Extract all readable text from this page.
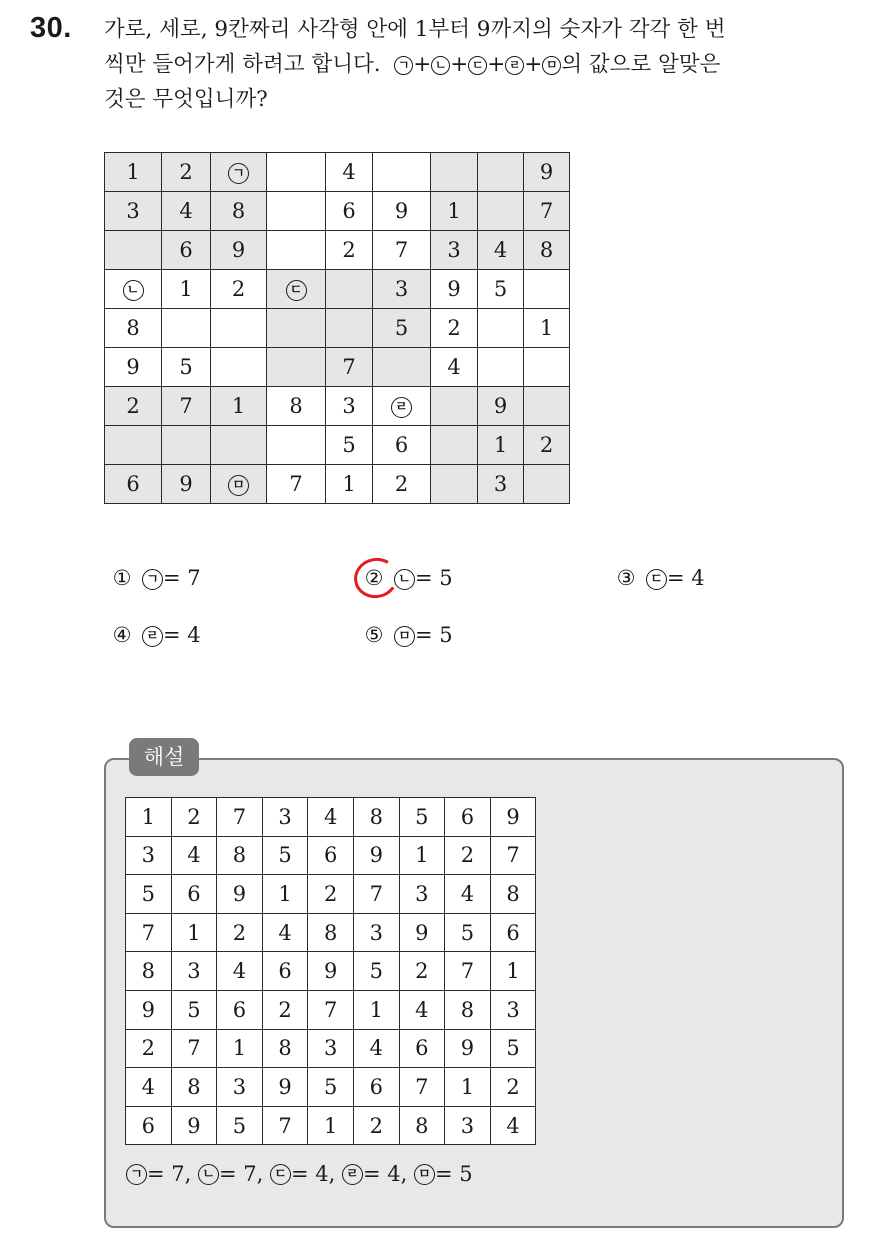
30. 가로, 세로, 9칸짜리 사각형 안에 1부터 9까지의 숫자가 각각 한 번
씩만 들어가게 하려고 합니다. ㄱ + ㄴ + ㄷ + ㄹ + ㅁ 의 값으로 알맞은
것은 무엇입니까?
1	2	ㄱ		4				9
3	4	8		6	9	1		7
	6	9		2	7	3	4	8
ㄴ	1	2	ㄷ		3	9	5	
8					5	2		1
9	5			7		4		
2	7	1	8	3	ㄹ		9	
				5	6		1	2
6	9	ㅁ	7	1	2		3	
①	ㄱ = 7	②	ㄴ = 5	③	ㄷ = 4
④	ㄹ = 4	⑤	ㅁ = 5
해설
1	2	7	3	4	8	5	6	9
3	4	8	5	6	9	1	2	7
5	6	9	1	2	7	3	4	8
7	1	2	4	8	3	9	5	6
8	3	4	6	9	5	2	7	1
9	5	6	2	7	1	4	8	3
2	7	1	8	3	4	6	9	5
4	8	3	9	5	6	7	1	2
6	9	5	7	1	2	8	3	4
ㄱ = 7, ㄴ = 7, ㄷ = 4, ㄹ = 4, ㅁ = 5
